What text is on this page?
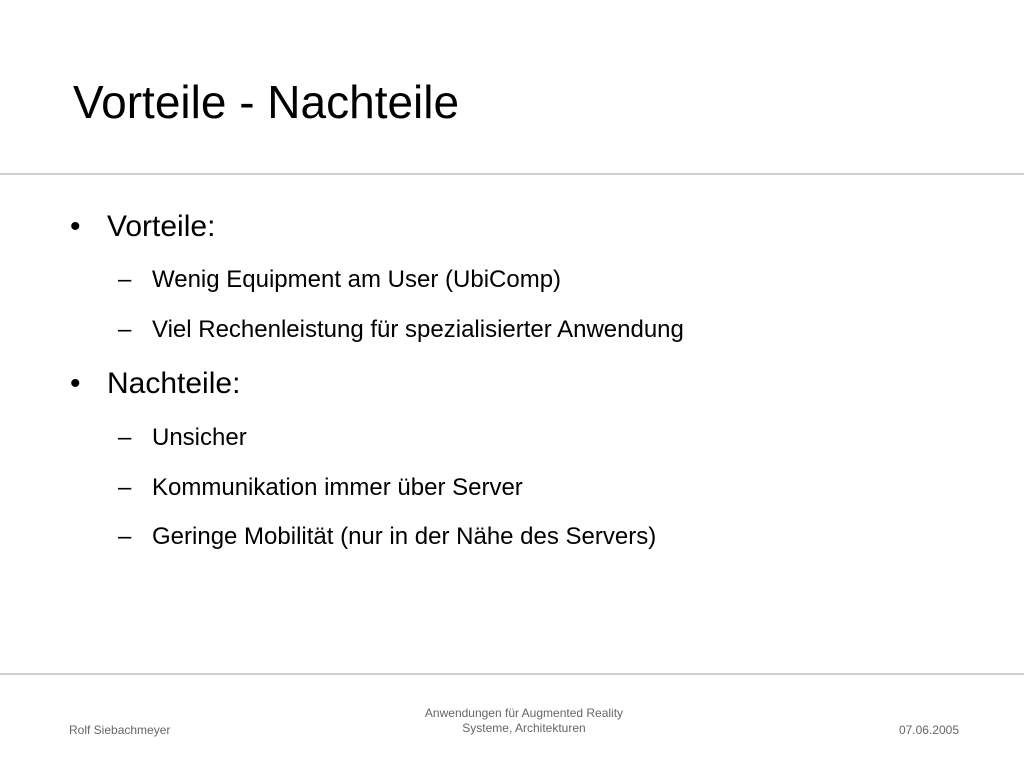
Vorteile - Nachteile
• Vorteile:
– Wenig Equipment am User (UbiComp)
– Viel Rechenleistung für spezialisierter Anwendung
• Nachteile:
– Unsicher
– Kommunikation immer über Server
– Geringe Mobilität (nur in der Nähe des Servers)
Rolf Siebachmeyer
Anwendungen für Augmented Reality
Systeme, Architekturen	07.06.2005
